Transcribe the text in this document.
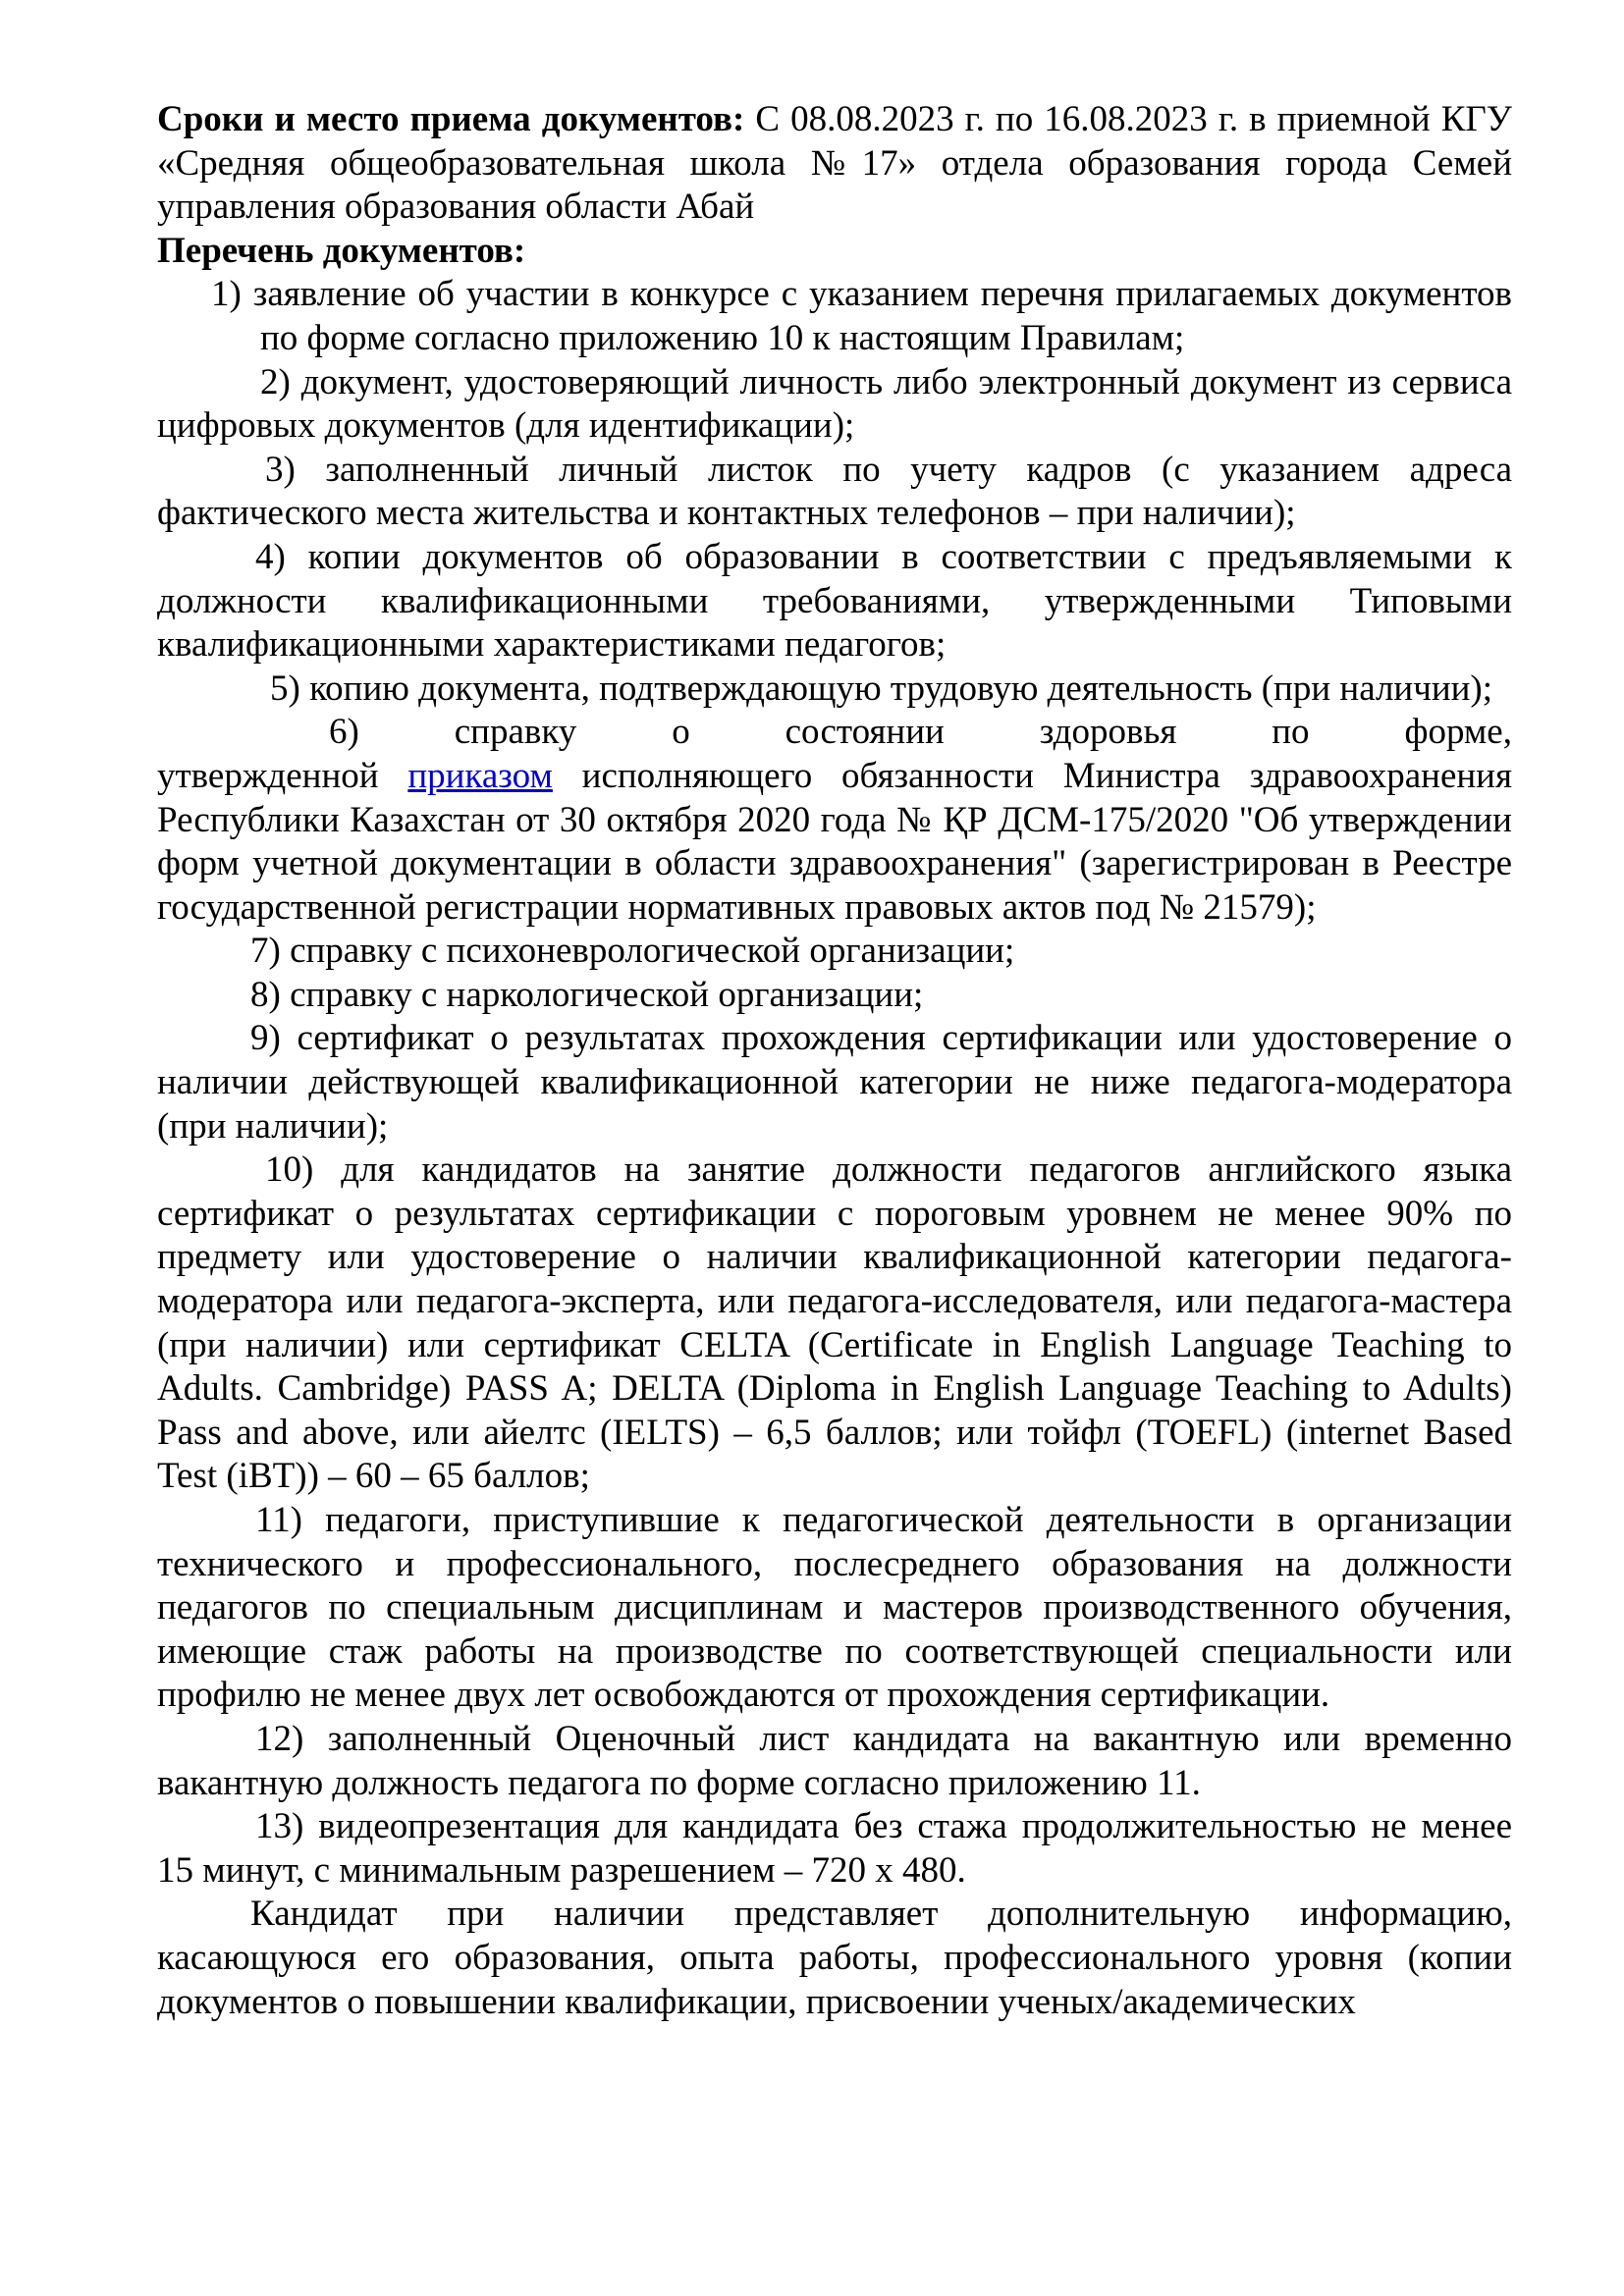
Сроки и место приема документов: С 08.08.2023 г. по 16.08.2023 г. в приемной КГУ «Средняя общеобразовательная школа №17» отдела образования города Семей управления образования области Абай

Перечень документов:

1) заявление об участии в конкурсе с указанием перечня прилагаемых документов по форме согласно приложению 10 к настоящим Правилам;

2) документ, удостоверяющий личность либо электронный документ из сервиса цифровых документов (для идентификации);

3) заполненный личный листок по учету кадров (с указанием адреса фактического места жительства и контактных телефонов – при наличии);

4) копии документов об образовании в соответствии с предъявляемыми к должности квалификационными требованиями, утвержденными Типовыми квалификационными характеристиками педагогов;

5) копию документа, подтверждающую трудовую деятельность (при наличии);

6)	справку	о	состоянии	здоровья	по	форме,

утвержденной приказом исполняющего обязанности Министра здравоохранения Республики Казахстан от 30 октября 2020 года № ҚР ДСМ-175/2020 "Об утверждении форм учетной документации в области здравоохранения" (зарегистрирован в Реестре государственной регистрации нормативных правовых актов под № 21579);

7) справку с психоневрологической организации;

8) справку с наркологической организации;

9) сертификат о результатах прохождения сертификации или удостоверение о наличии действующей квалификационной категории не ниже педагога-модератора (при наличии);

10) для кандидатов на занятие должности педагогов английского языка сертификат о результатах сертификации с пороговым уровнем не менее 90% по предмету или удостоверение о наличии квалификационной категории педагога-модератора или педагога-эксперта, или педагога-исследователя, или педагога-мастера (при наличии) или сертификат CELTA (Certificate in English Language Teaching to Adults. Cambridge) PASS A; DELTA (Diploma in English Language Teaching to Adults) Pass and above, или айелтс (IELTS) – 6,5 баллов; или тойфл (TOEFL) (internet Based Test (iBT)) – 60 – 65 баллов;

11) педагоги, приступившие к педагогической деятельности в организации технического и профессионального, послесреднего образования на должности педагогов по специальным дисциплинам и мастеров производственного обучения, имеющие стаж работы на производстве по соответствующей специальности или профилю не менее двух лет освобождаются от прохождения сертификации.

12) заполненный Оценочный лист кандидата на вакантную или временно вакантную должность педагога по форме согласно приложению 11.

13) видеопрезентация для кандидата без стажа продолжительностью не менее 15 минут, с минимальным разрешением – 720 х 480.

Кандидат при наличии представляет дополнительную информацию, касающуюся его образования, опыта работы, профессионального уровня (копии документов о повышении квалификации, присвоении ученых/академических
